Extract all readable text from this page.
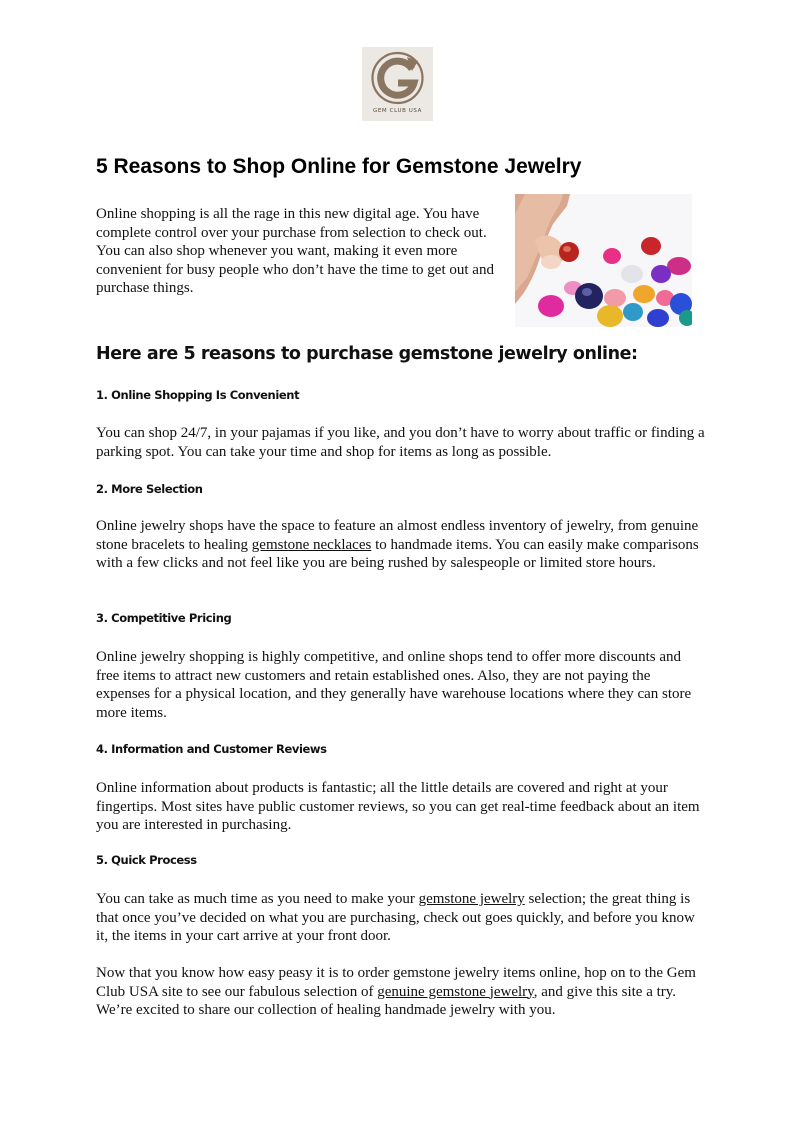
GEM CLUB USA
5 Reasons to Shop Online for Gemstone Jewelry

Online shopping is all the rage in this new digital age. You have complete control over your purchase from selection to check out. You can also shop whenever you want, making it even more convenient for busy people who don’t have the time to get out and purchase things.

Here are 5 reasons to purchase gemstone jewelry online:
1. Online Shopping Is Convenient

You can shop 24/7, in your pajamas if you like, and you don’t have to worry about traffic or finding a parking spot. You can take your time and shop for items as long as possible.

2. More Selection

Online jewelry shops have the space to feature an almost endless inventory of jewelry, from genuine stone bracelets to healing gemstone necklaces to handmade items. You can easily make comparisons with a few clicks and not feel like you are being rushed by salespeople or limited store hours.

3. Competitive Pricing

Online jewelry shopping is highly competitive, and online shops tend to offer more discounts and free items to attract new customers and retain established ones. Also, they are not paying the expenses for a physical location, and they generally have warehouse locations where they can store more items.

4. Information and Customer Reviews

Online information about products is fantastic; all the little details are covered and right at your fingertips. Most sites have public customer reviews, so you can get real-time feedback about an item you are interested in purchasing.

5. Quick Process

You can take as much time as you need to make your gemstone jewelry selection; the great thing is that once you’ve decided on what you are purchasing, check out goes quickly, and before you know it, the items in your cart arrive at your front door.

Now that you know how easy peasy it is to order gemstone jewelry items online, hop on to the Gem Club USA site to see our fabulous selection of genuine gemstone jewelry, and give this site a try. We’re excited to share our collection of healing handmade jewelry with you.
